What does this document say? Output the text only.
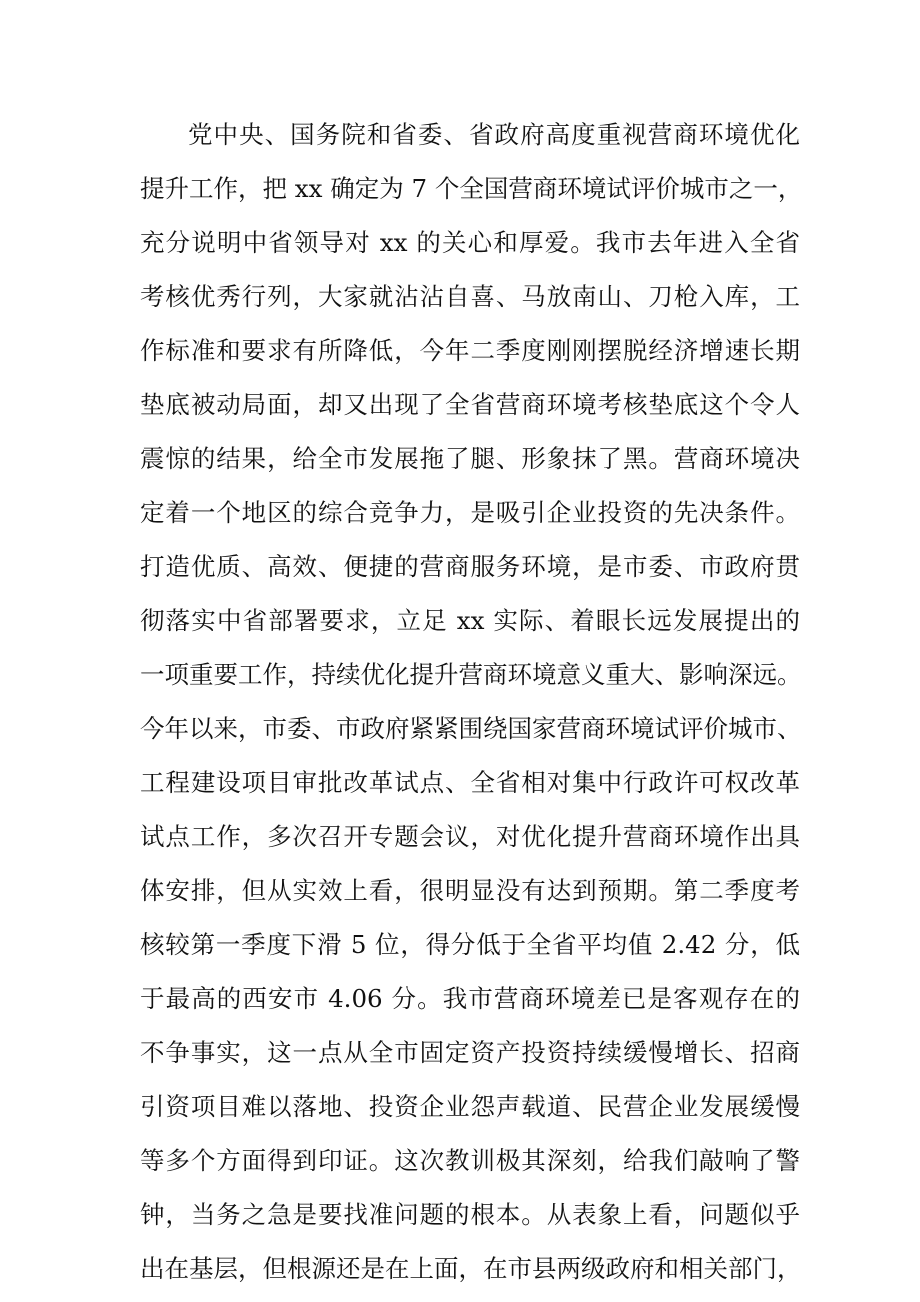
党中央、国务院和省委、省政府高度重视营商环境优化
提升工作，把 xx 确定为 7 个全国营商环境试评价城市之一，
充分说明中省领导对 xx 的关心和厚爱。我市去年进入全省
考核优秀行列，大家就沾沾自喜、马放南山、刀枪入库，工
作标准和要求有所降低，今年二季度刚刚摆脱经济增速长期
垫底被动局面，却又出现了全省营商环境考核垫底这个令人
震惊的结果，给全市发展拖了腿、形象抹了黑。营商环境决
定着一个地区的综合竞争力，是吸引企业投资的先决条件。
打造优质、高效、便捷的营商服务环境，是市委、市政府贯
彻落实中省部署要求，立足 xx 实际、着眼长远发展提出的
一项重要工作，持续优化提升营商环境意义重大、影响深远。
今年以来，市委、市政府紧紧围绕国家营商环境试评价城市、
工程建设项目审批改革试点、全省相对集中行政许可权改革
试点工作，多次召开专题会议，对优化提升营商环境作出具
体安排，但从实效上看，很明显没有达到预期。第二季度考
核较第一季度下滑 5 位，得分低于全省平均值 2.42 分，低
于最高的西安市 4.06 分。我市营商环境差已是客观存在的
不争事实，这一点从全市固定资产投资持续缓慢增长、招商
引资项目难以落地、投资企业怨声载道、民营企业发展缓慢
等多个方面得到印证。这次教训极其深刻，给我们敲响了警
钟，当务之急是要找准问题的根本。从表象上看，问题似乎
出在基层，但根源还是在上面，在市县两级政府和相关部门，
